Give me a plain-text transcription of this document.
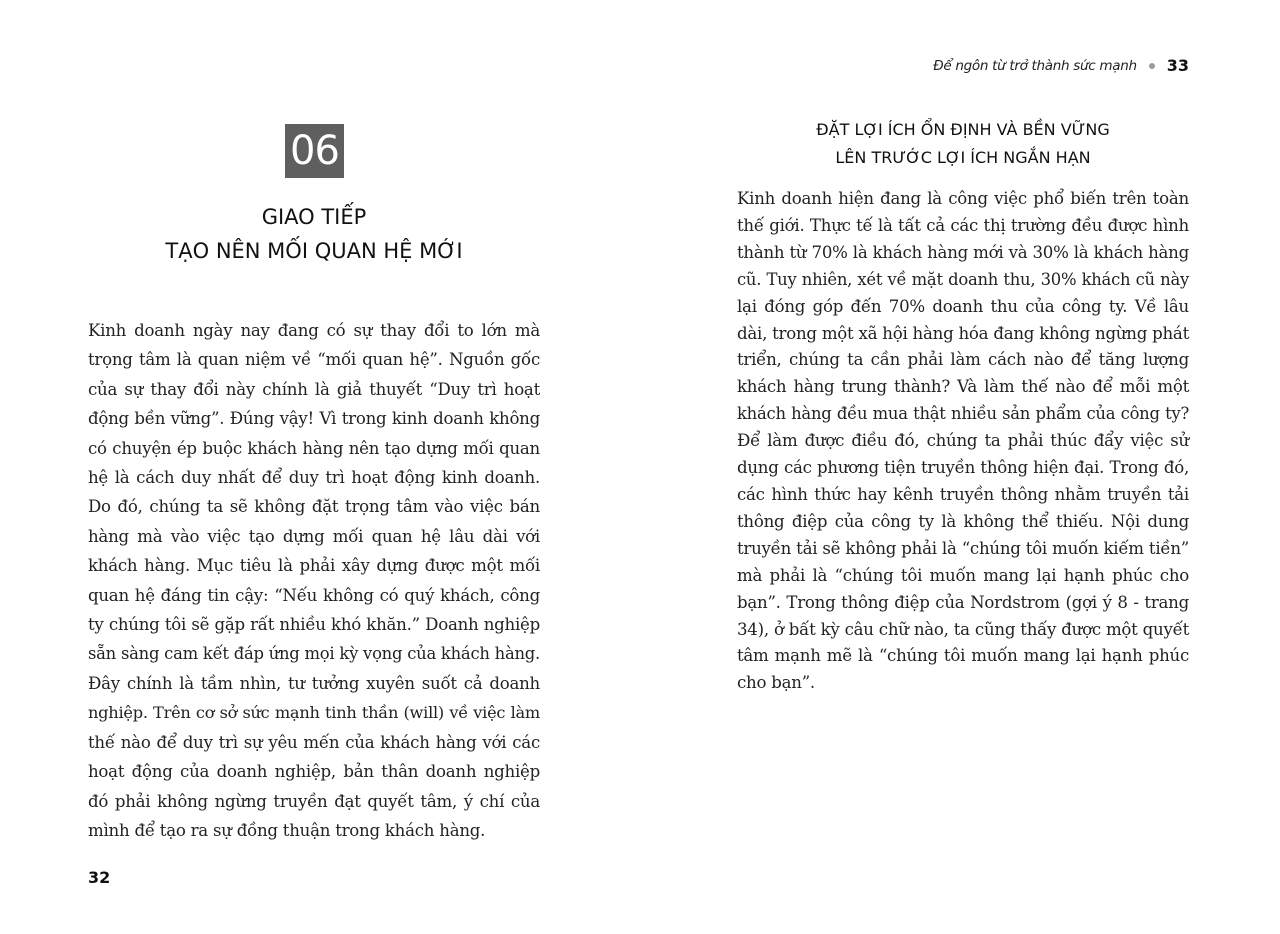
06
GIAO TIẾP
TẠO NÊN MỐI QUAN HỆ MỚI
Kinh doanh ngày nay đang có sự thay đổi to lớn mà
trọng tâm là quan niệm về “mối quan hệ”. Nguồn gốc
của sự thay đổi này chính là giả thuyết “Duy trì hoạt
động bền vững”. Đúng vậy! Vì trong kinh doanh không
có chuyện ép buộc khách hàng nên tạo dựng mối quan
hệ là cách duy nhất để duy trì hoạt động kinh doanh.
Do đó, chúng ta sẽ không đặt trọng tâm vào việc bán
hàng mà vào việc tạo dựng mối quan hệ lâu dài với
khách hàng. Mục tiêu là phải xây dựng được một mối
quan hệ đáng tin cậy: “Nếu không có quý khách, công
ty chúng tôi sẽ gặp rất nhiều khó khăn.” Doanh nghiệp
sẵn sàng cam kết đáp ứng mọi kỳ vọng của khách hàng.
Đây chính là tầm nhìn, tư tưởng xuyên suốt cả doanh
nghiệp. Trên cơ sở sức mạnh tinh thần (will) về việc làm
thế nào để duy trì sự yêu mến của khách hàng với các
hoạt động của doanh nghiệp, bản thân doanh nghiệp
đó phải không ngừng truyền đạt quyết tâm, ý chí của
mình để tạo ra sự đồng thuận trong khách hàng.
32
Để ngôn từ trở thành sức mạnh 33
ĐẶT LỢI ÍCH ỔN ĐỊNH VÀ BỀN VỮNG
LÊN TRƯỚC LỢI ÍCH NGẮN HẠN
Kinh doanh hiện đang là công việc phổ biến trên toàn
thế giới. Thực tế là tất cả các thị trường đều được hình
thành từ 70% là khách hàng mới và 30% là khách hàng
cũ. Tuy nhiên, xét về mặt doanh thu, 30% khách cũ này
lại đóng góp đến 70% doanh thu của công ty. Về lâu
dài, trong một xã hội hàng hóa đang không ngừng phát
triển, chúng ta cần phải làm cách nào để tăng lượng
khách hàng trung thành? Và làm thế nào để mỗi một
khách hàng đều mua thật nhiều sản phẩm của công ty?
Để làm được điều đó, chúng ta phải thúc đẩy việc sử
dụng các phương tiện truyền thông hiện đại. Trong đó,
các hình thức hay kênh truyền thông nhằm truyền tải
thông điệp của công ty là không thể thiếu. Nội dung
truyền tải sẽ không phải là “chúng tôi muốn kiếm tiền”
mà phải là “chúng tôi muốn mang lại hạnh phúc cho
bạn”. Trong thông điệp của Nordstrom (gợi ý 8 - trang
34), ở bất kỳ câu chữ nào, ta cũng thấy được một quyết
tâm mạnh mẽ là “chúng tôi muốn mang lại hạnh phúc
cho bạn”.
